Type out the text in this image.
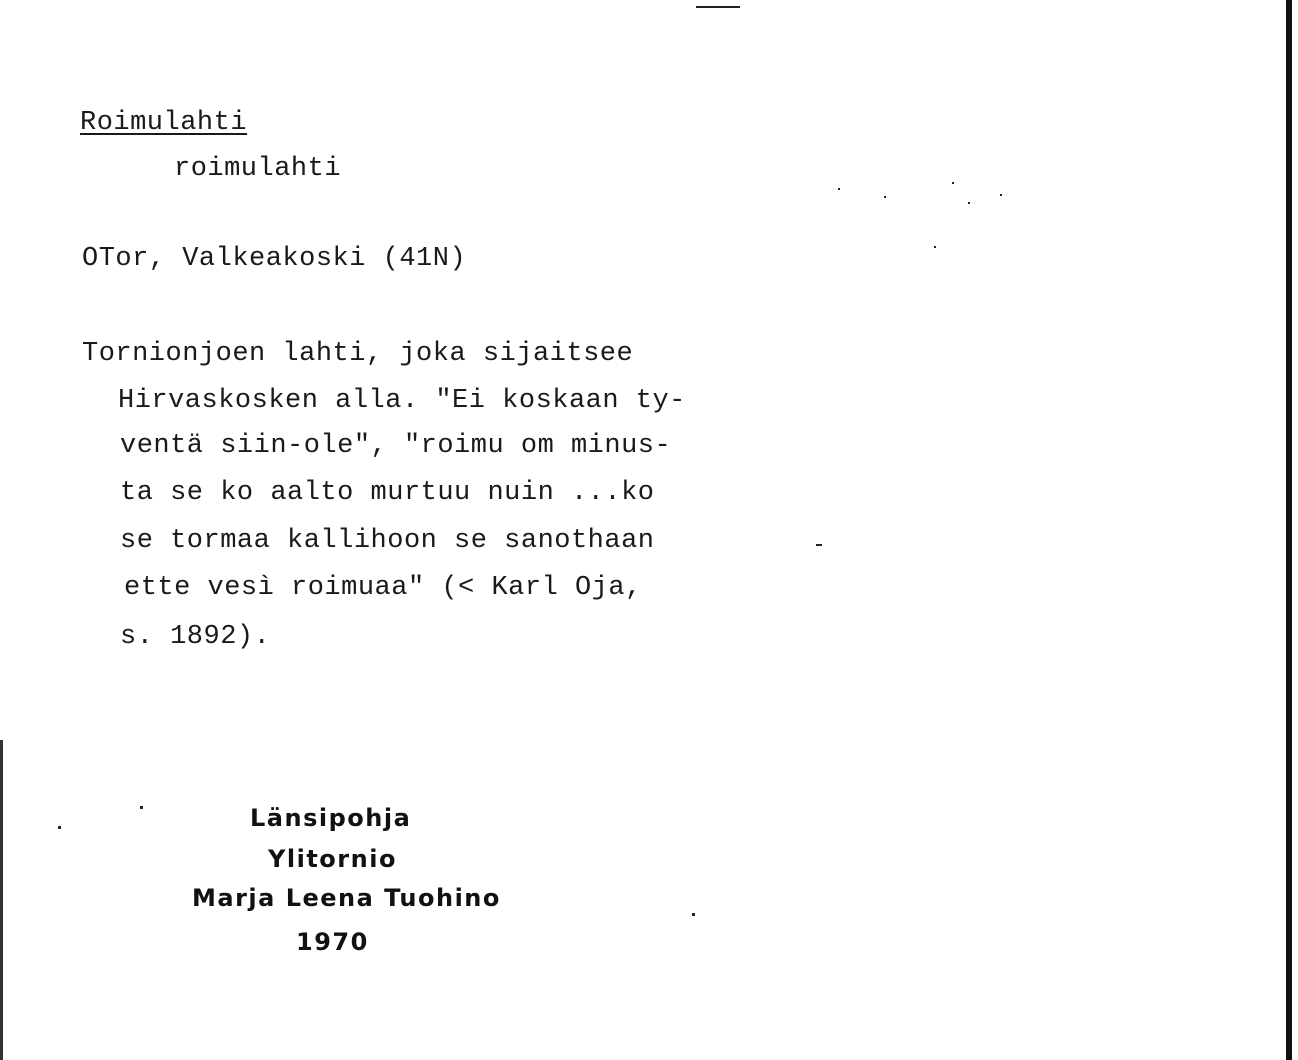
Roimulahti
roimulahti
OTor, Valkeakoski (41N)
Tornionjoen lahti, joka sijaitsee
Hirvaskosken alla. "Ei koskaan ty-
ventä siin-ole", "roimu om minus-
ta se ko aalto murtuu nuin ...ko
se tormaa kallihoon se sanothaan
ette vesì roimuaa" (< Karl Oja,
s. 1892).
Länsipohja
Ylitornio
Marja Leena Tuohino
1970
